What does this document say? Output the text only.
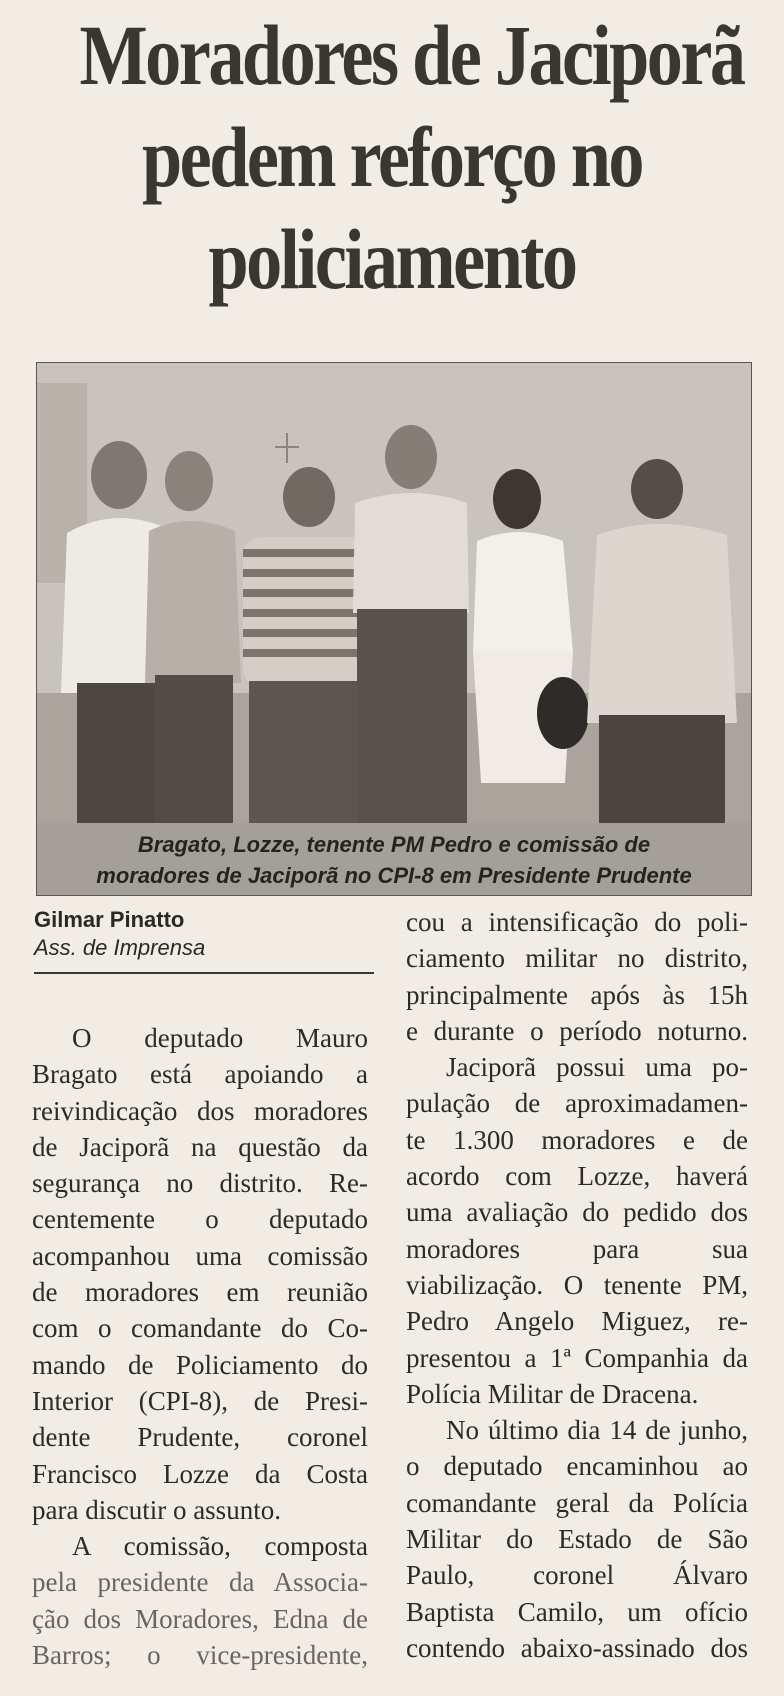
Moradores de Jaciporã
pedem reforço no
policiamento
Bragato, Lozze, tenente PM Pedro e comissão de
moradores de Jaciporã no CPI-8 em Presidente Prudente
Gilmar Pinatto
Ass. de Imprensa
O deputado Mauro
Bragato está apoiando a
reivindicação dos moradores
de Jaciporã na questão da
segurança no distrito. Re-
centemente o deputado
acompanhou uma comissão
de moradores em reunião
com o comandante do Co-
mando de Policiamento do
Interior (CPI-8), de Presi-
dente Prudente, coronel
Francisco Lozze da Costa
para discutir o assunto.
A comissão, composta
pela presidente da Associa-
ção dos Moradores, Edna de
Barros; o vice-presidente,
cou a intensificação do poli-
ciamento militar no distrito,
principalmente após às 15h
e durante o período noturno.
Jaciporã possui uma po-
pulação de aproximadamen-
te 1.300 moradores e de
acordo com Lozze, haverá
uma avaliação do pedido dos
moradores para sua
viabilização. O tenente PM,
Pedro Angelo Miguez, re-
presentou a 1ª Companhia da
Polícia Militar de Dracena.
No último dia 14 de junho,
o deputado encaminhou ao
comandante geral da Polícia
Militar do Estado de São
Paulo, coronel Álvaro
Baptista Camilo, um ofício
contendo abaixo-assinado dos
